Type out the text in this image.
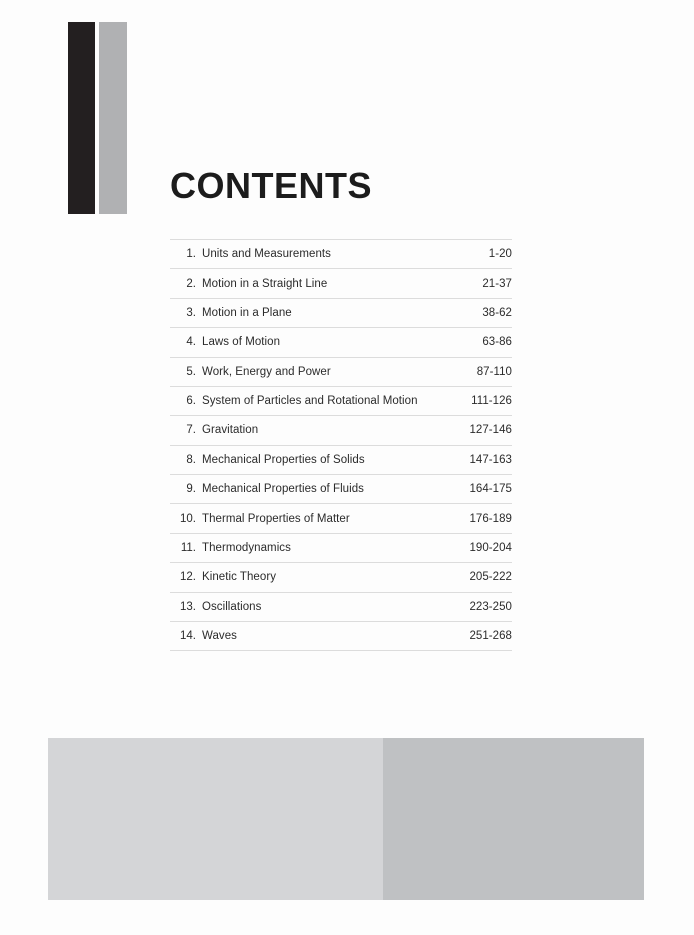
CONTENTS
1.	Units and Measurements	1-20
2.	Motion in a Straight Line	21-37
3.	Motion in a Plane	38-62
4.	Laws of Motion	63-86
5.	Work, Energy and Power	87-110
6.	System of Particles and Rotational Motion	111-126
7.	Gravitation	127-146
8.	Mechanical Properties of Solids	147-163
9.	Mechanical Properties of Fluids	164-175
10.	Thermal Properties of Matter	176-189
11.	Thermodynamics	190-204
12.	Kinetic Theory	205-222
13.	Oscillations	223-250
14.	Waves	251-268
